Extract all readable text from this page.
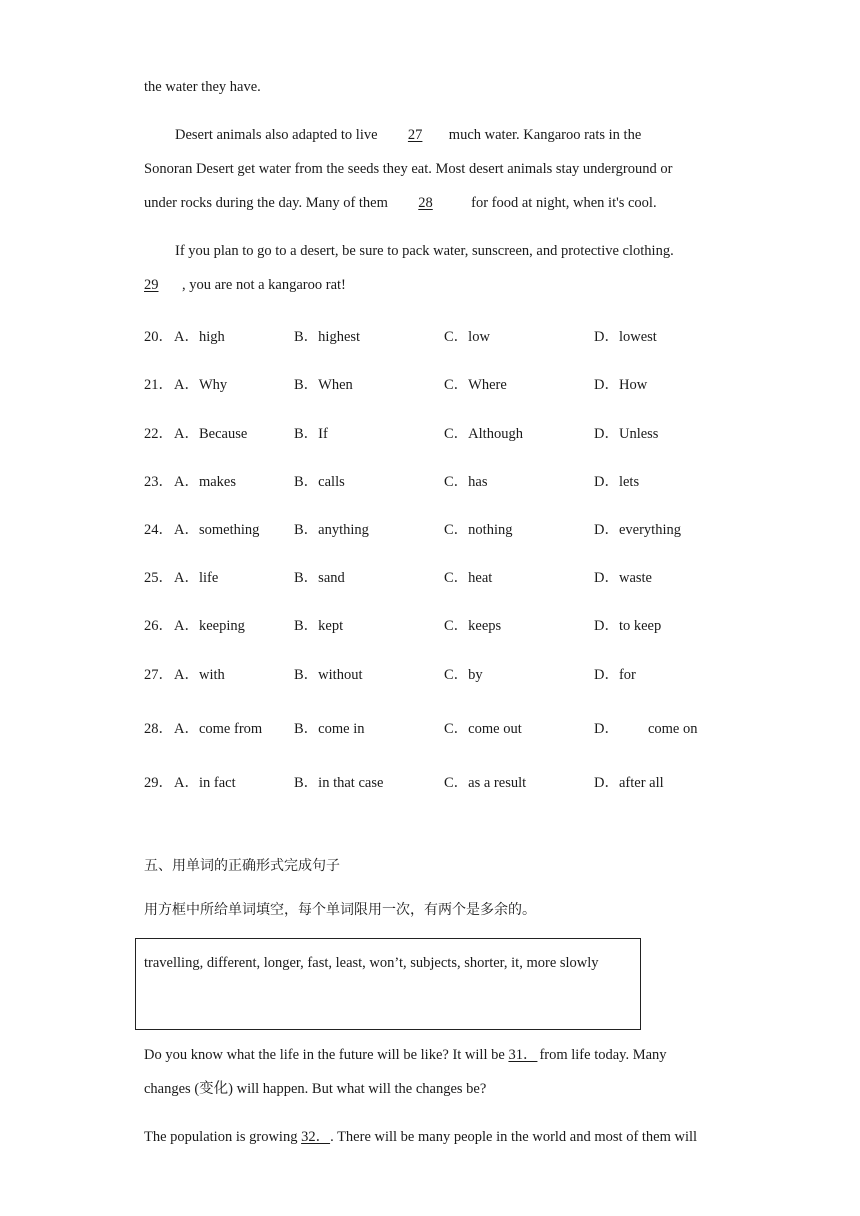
the water they have.
Desert animals also adapted to live 27 much water. Kangaroo rats in the
Sonoran Desert get water from the seeds they eat. Most desert animals stay underground or
under rocks during the day. Many of them 28 for food at night, when it's cool.
If you plan to go to a desert, be sure to pack water, sunscreen, and protective clothing.
29 , you are not a kangaroo rat!
20． A．high	B．highest	C．low	D．lowest
21． A．Why	B．When	C．Where	D．How
22． A．Because	B．If	C．Although	D．Unless
23． A．makes	B．calls	C．has	D．lets
24． A．something B．anything	C．nothing	D．everything
25． A．life	B．sand	C．heat	D．waste
26． A．keeping	B．kept	C．keeps	D．to keep
27． A．with	B．without	C．by	D．for
28． A．come from B．come in	C．come out	D．        come on
29． A．in fact	B．in that case	C．as a result	D．after all
五、用单词的正确形式完成句子
用方框中所给单词填空，每个单词限用一次，有两个是多余的。
travelling, different, longer, fast, least, won’t, subjects, shorter, it, more slowly
Do you know what the life in the future will be like? It will be 31． from life today. Many
changes (变化) will happen. But what will the changes be?
The population is growing 32．. There will be many people in the world and most of them will
